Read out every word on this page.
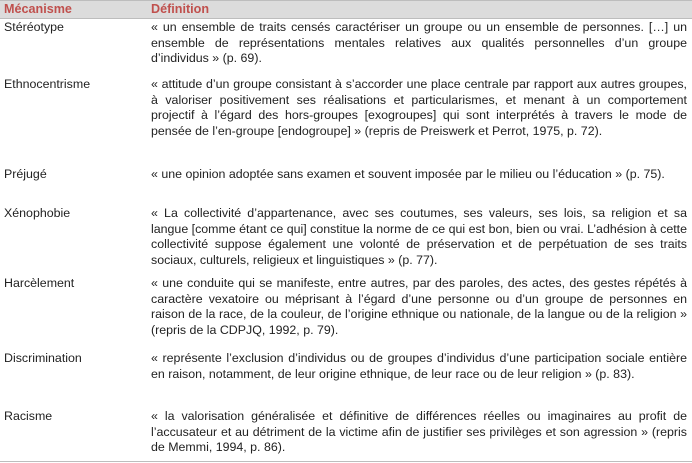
Mécanisme	Définition
Stéréotype	« un ensemble de traits censés caractériser un groupe ou un ensemble de personnes. […] un ensemble de représentations mentales relatives aux qualités personnelles d’un groupe d’individus » (p. 69).
Ethnocentrisme	« attitude d’un groupe consistant à s’accorder une place centrale par rapport aux autres groupes, à valoriser positivement ses réalisations et particularismes, et menant à un comportement projectif à l’égard des hors-groupes [exogroupes] qui sont interprétés à travers le mode de pensée de l’en-groupe [endogroupe] » (repris de Preiswerk et Perrot, 1975, p. 72).
Préjugé	« une opinion adoptée sans examen et souvent imposée par le milieu ou l’éducation » (p. 75).
Xénophobie	« La collectivité d’appartenance, avec ses coutumes, ses valeurs, ses lois, sa religion et sa langue [comme étant ce qui] constitue la norme de ce qui est bon, bien ou vrai. L’adhésion à cette collectivité suppose également une volonté de préservation et de perpétuation de ses traits sociaux, culturels, religieux et linguistiques » (p. 77).
Harcèlement	« une conduite qui se manifeste, entre autres, par des paroles, des actes, des gestes répétés à caractère vexatoire ou méprisant à l’égard d’une personne ou d’un groupe de personnes en raison de la race, de la couleur, de l’origine ethnique ou nationale, de la langue ou de la religion » (repris de la CDPJQ, 1992, p. 79).
Discrimination	« représente l’exclusion d’individus ou de groupes d’individus d’une participation sociale entière en raison, notamment, de leur origine ethnique, de leur race ou de leur religion » (p. 83).
Racisme	« la valorisation généralisée et définitive de différences réelles ou imaginaires au profit de l’accusateur et au détriment de la victime afin de justifier ses privilèges et son agression » (repris de Memmi, 1994, p. 86).
